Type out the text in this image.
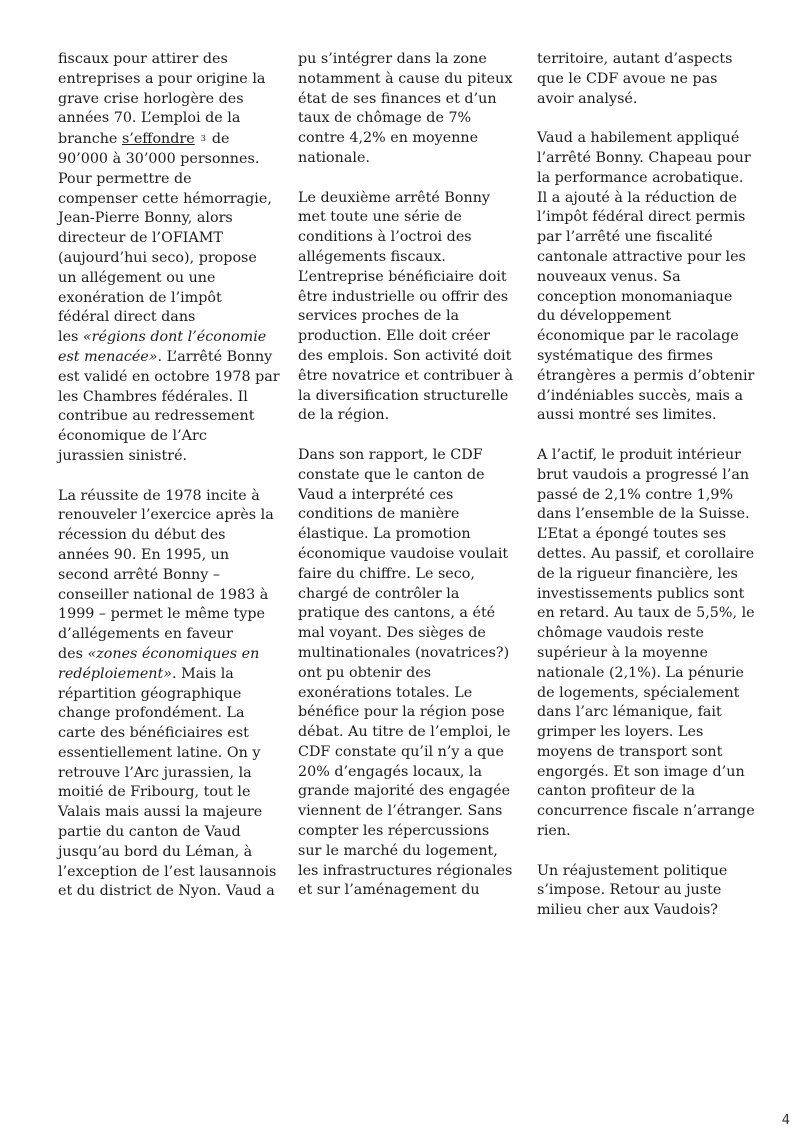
fiscaux pour attirer des
entreprises a pour origine la
grave crise horlogère des
années 70. L’emploi de la
branche s’effondre $^3$ de
90’000 à 30’000 personnes.
Pour permettre de
compenser cette hémorragie,
Jean-Pierre Bonny, alors
directeur de l’OFIAMT
(aujourd’hui seco), propose
un allégement ou une
exonération de l’impôt
fédéral direct dans
les «régions dont l’économie
est menacée». L’arrêté Bonny
est validé en octobre 1978 par
les Chambres fédérales. Il
contribue au redressement
économique de l’Arc
jurassien sinistré.

La réussite de 1978 incite à
renouveler l’exercice après la
récession du début des
années 90. En 1995, un
second arrêté Bonny –
conseiller national de 1983 à
1999 – permet le même type
d’allégements en faveur
des «zones économiques en
redéploiement». Mais la
répartition géographique
change profondément. La
carte des bénéficiaires est
essentiellement latine. On y
retrouve l’Arc jurassien, la
moitié de Fribourg, tout le
Valais mais aussi la majeure
partie du canton de Vaud
jusqu’au bord du Léman, à
l’exception de l’est lausannois
et du district de Nyon. Vaud a

pu s’intégrer dans la zone
notamment à cause du piteux
état de ses finances et d’un
taux de chômage de 7%
contre 4,2% en moyenne
nationale.

Le deuxième arrêté Bonny
met toute une série de
conditions à l’octroi des
allégements fiscaux.
L’entreprise bénéficiaire doit
être industrielle ou offrir des
services proches de la
production. Elle doit créer
des emplois. Son activité doit
être novatrice et contribuer à
la diversification structurelle
de la région.

Dans son rapport, le CDF
constate que le canton de
Vaud a interprété ces
conditions de manière
élastique. La promotion
économique vaudoise voulait
faire du chiffre. Le seco,
chargé de contrôler la
pratique des cantons, a été
mal voyant. Des sièges de
multinationales (novatrices?)
ont pu obtenir des
exonérations totales. Le
bénéfice pour la région pose
débat. Au titre de l’emploi, le
CDF constate qu’il n’y a que
20% d’engagés locaux, la
grande majorité des engagée
viennent de l’étranger. Sans
compter les répercussions
sur le marché du logement,
les infrastructures régionales
et sur l’aménagement du

territoire, autant d’aspects
que le CDF avoue ne pas
avoir analysé.

Vaud a habilement appliqué
l’arrêté Bonny. Chapeau pour
la performance acrobatique.
Il a ajouté à la réduction de
l’impôt fédéral direct permis
par l’arrêté une fiscalité
cantonale attractive pour les
nouveaux venus. Sa
conception monomaniaque
du développement
économique par le racolage
systématique des firmes
étrangères a permis d’obtenir
d’indéniables succès, mais a
aussi montré ses limites.

A l’actif, le produit intérieur
brut vaudois a progressé l’an
passé de 2,1% contre 1,9%
dans l’ensemble de la Suisse.
L’Etat a épongé toutes ses
dettes. Au passif, et corollaire
de la rigueur financière, les
investissements publics sont
en retard. Au taux de 5,5%, le
chômage vaudois reste
supérieur à la moyenne
nationale (2,1%). La pénurie
de logements, spécialement
dans l’arc lémanique, fait
grimper les loyers. Les
moyens de transport sont
engorgés. Et son image d’un
canton profiteur de la
concurrence fiscale n’arrange
rien.

Un réajustement politique
s’impose. Retour au juste
milieu cher aux Vaudois?

4
